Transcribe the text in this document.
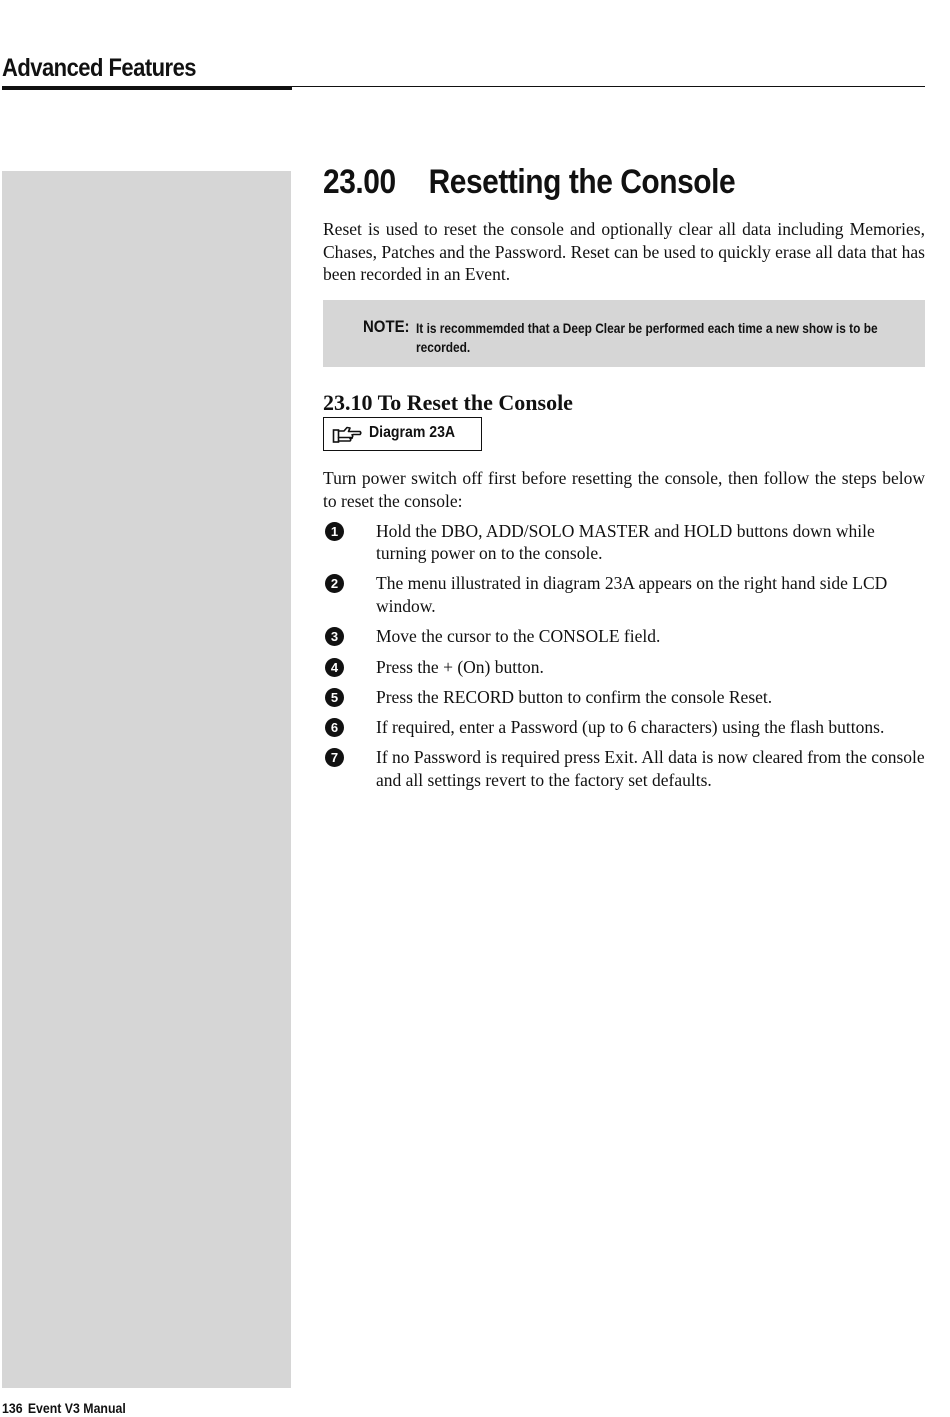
Advanced Features
23.00 Resetting the Console

Reset is used to reset the console and optionally clear all data including Memories, Chases, Patches and the Password. Reset can be used to quickly erase all data that has been recorded in an Event.

NOTE: It is recommemded that a Deep Clear be performed each time a new show is to be recorded.
23.10 To Reset the Console
Diagram 23A

Turn power switch off first before resetting the console, then follow the steps below to reset the console:

1	Hold the DBO, ADD/SOLO MASTER and HOLD buttons down while turning power on to the console.
2	The menu illustrated in diagram 23A appears on the right hand side LCD window.
3	Move the cursor to the CONSOLE field.
4	Press the + (On) button.
5	Press the RECORD button to confirm the console Reset.
6	If required, enter a Password (up to 6 characters) using the flash buttons.
7	If no Password is required press Exit. All data is now cleared from the console and all settings revert to the factory set defaults.
136 Event V3 Manual
